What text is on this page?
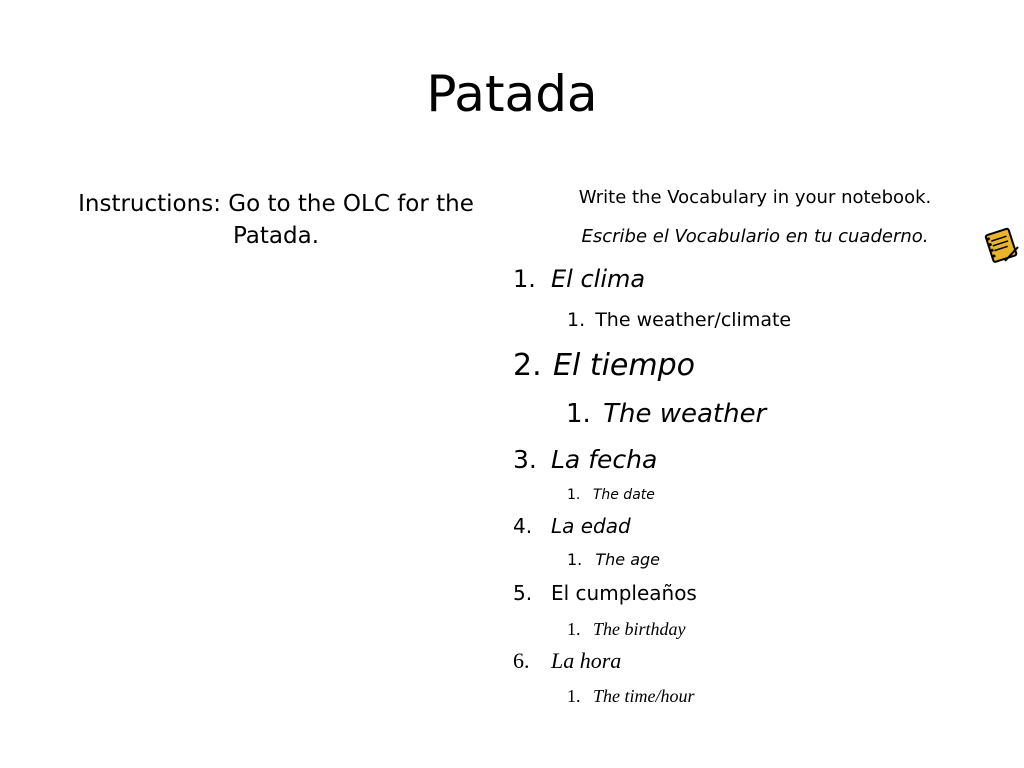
Patada
Instructions: Go to the OLC for the Patada.
Write the Vocabulary in your notebook.
Escribe el Vocabulario en tu cuaderno.
1. El clima
1. The weather/climate
2. El tiempo
1. The weather
3. La fecha
1. The date
4. La edad
1. The age
5. El cumpleaños
1. The birthday
6. La hora
1. The time/hour
